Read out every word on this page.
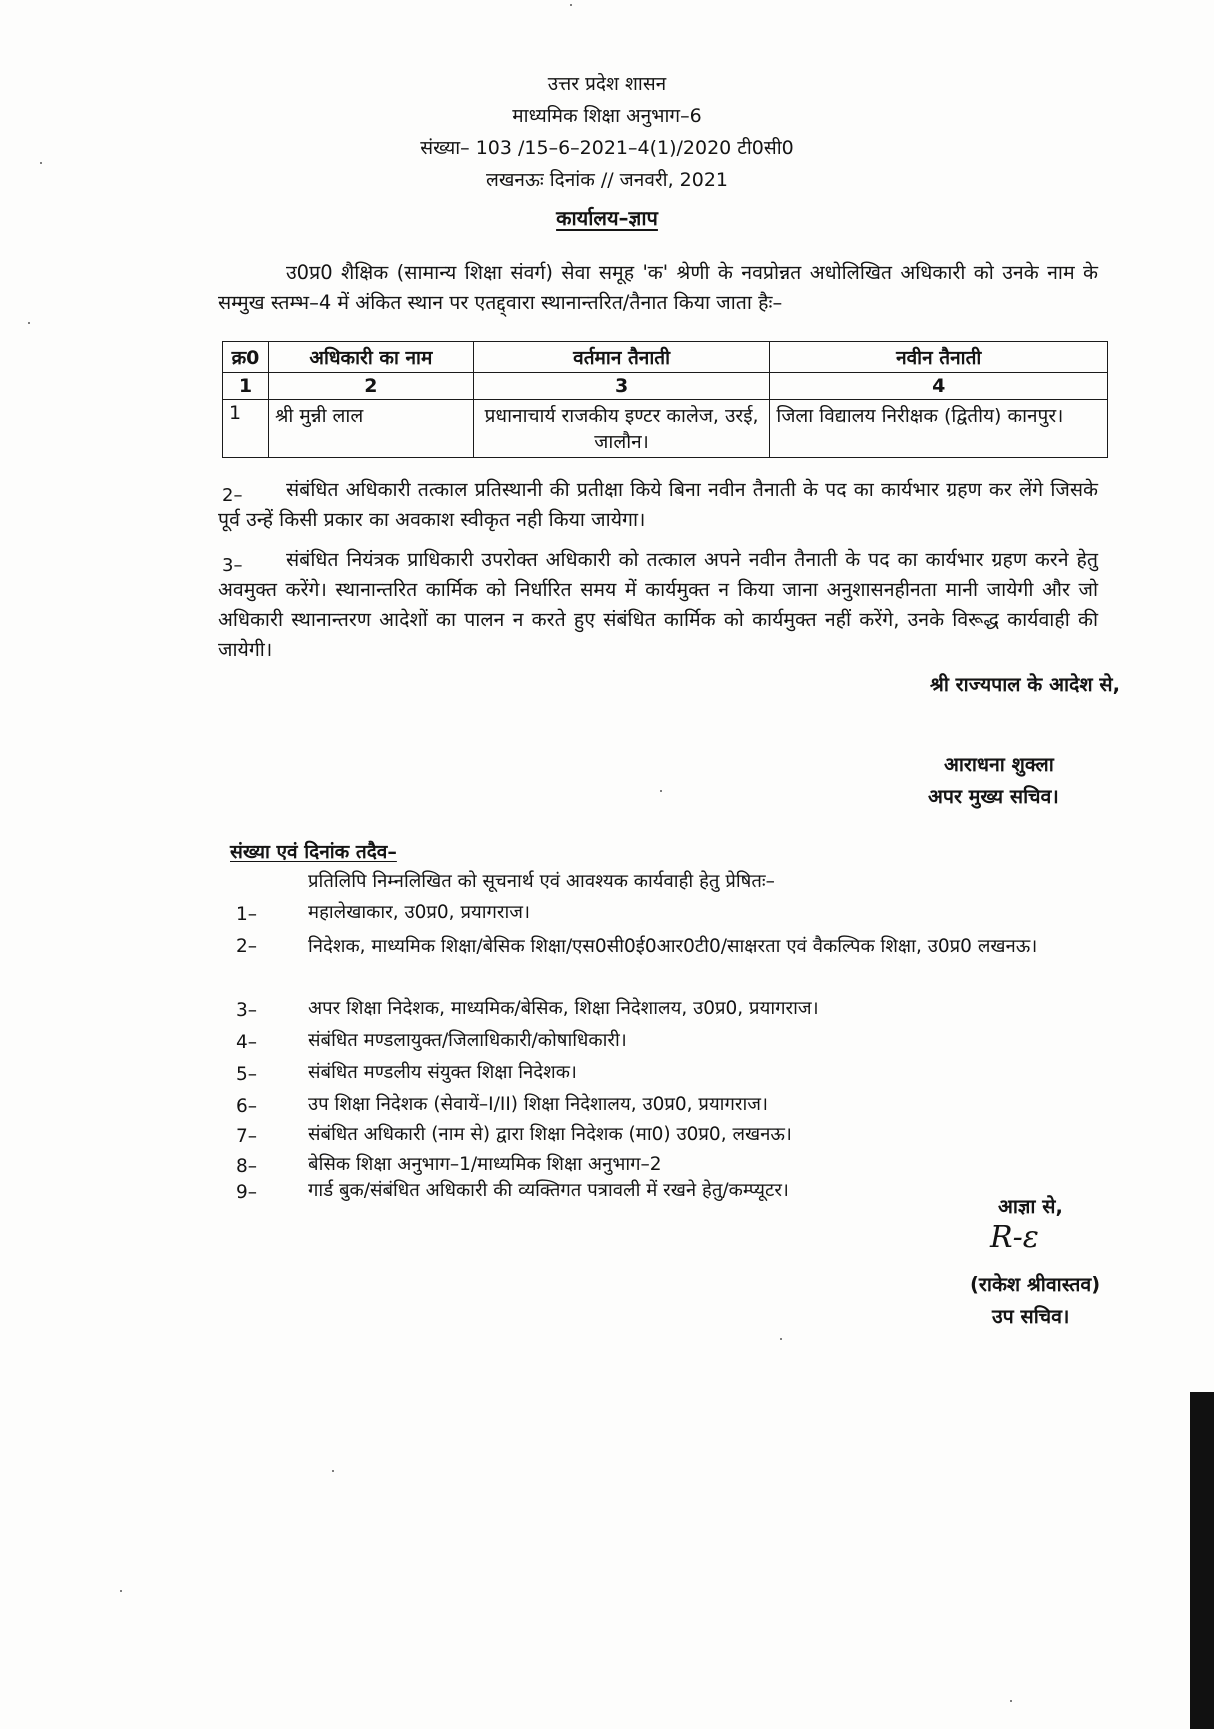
उत्तर प्रदेश शासन
माध्यमिक शिक्षा अनुभाग–6
संख्या– 103 /15–6–2021–4(1)/2020 टी0सी0
लखनऊः दिनांक // जनवरी, 2021
कार्यालय–ज्ञाप
उ0प्र0 शैक्षिक (सामान्य शिक्षा संवर्ग) सेवा समूह 'क' श्रेणी के नवप्रोन्नत अधोलिखित अधिकारी को उनके नाम के सम्मुख स्तम्भ–4 में अंकित स्थान पर एतद्द्वारा स्थानान्तरित/तैनात किया जाता हैः–
क्र0	अधिकारी का नाम	वर्तमान तैनाती	नवीन तैनाती
1	2	3	4
1	श्री मुन्नी लाल	प्रधानाचार्य राजकीय इण्टर कालेज, उरई, जालौन।	जिला विद्यालय निरीक्षक (द्वितीय) कानपुर।
2–	संबंधित अधिकारी तत्काल प्रतिस्थानी की प्रतीक्षा किये बिना नवीन तैनाती के पद का कार्यभार ग्रहण कर लेंगे जिसके पूर्व उन्हें किसी प्रकार का अवकाश स्वीकृत नही किया जायेगा।
3–	संबंधित नियंत्रक प्राधिकारी उपरोक्त अधिकारी को तत्काल अपने नवीन तैनाती के पद का कार्यभार ग्रहण करने हेतु अवमुक्त करेंगे। स्थानान्तरित कार्मिक को निर्धारित समय में कार्यमुक्त न किया जाना अनुशासनहीनता मानी जायेगी और जो अधिकारी स्थानान्तरण आदेशों का पालन न करते हुए संबंधित कार्मिक को कार्यमुक्त नहीं करेंगे, उनके विरूद्ध कार्यवाही की जायेगी।
श्री राज्यपाल के आदेश से,
आराधना शुक्ला
अपर मुख्य सचिव।
संख्या एवं दिनांक तदैव–
प्रतिलिपि निम्नलिखित को सूचनार्थ एवं आवश्यक कार्यवाही हेतु प्रेषितः–
1–	महालेखाकार, उ0प्र0, प्रयागराज।
2–	निदेशक, माध्यमिक शिक्षा/बेसिक शिक्षा/एस0सी0ई0आर0टी0/साक्षरता एवं वैकल्पिक शिक्षा, उ0प्र0 लखनऊ।
3–	अपर शिक्षा निदेशक, माध्यमिक/बेसिक, शिक्षा निदेशालय, उ0प्र0, प्रयागराज।
4–	संबंधित मण्डलायुक्त/जिलाधिकारी/कोषाधिकारी।
5–	संबंधित मण्डलीय संयुक्त शिक्षा निदेशक।
6–	उप शिक्षा निदेशक (सेवायें–I/II) शिक्षा निदेशालय, उ0प्र0, प्रयागराज।
7–	संबंधित अधिकारी (नाम से) द्वारा शिक्षा निदेशक (मा0) उ0प्र0, लखनऊ।
8–	बेसिक शिक्षा अनुभाग–1/माध्यमिक शिक्षा अनुभाग–2
9–	गार्ड बुक/संबंधित अधिकारी की व्यक्तिगत पत्रावली में रखने हेतु/कम्प्यूटर।
आज्ञा से,
R-ε
(राकेश श्रीवास्तव)
उप सचिव।
